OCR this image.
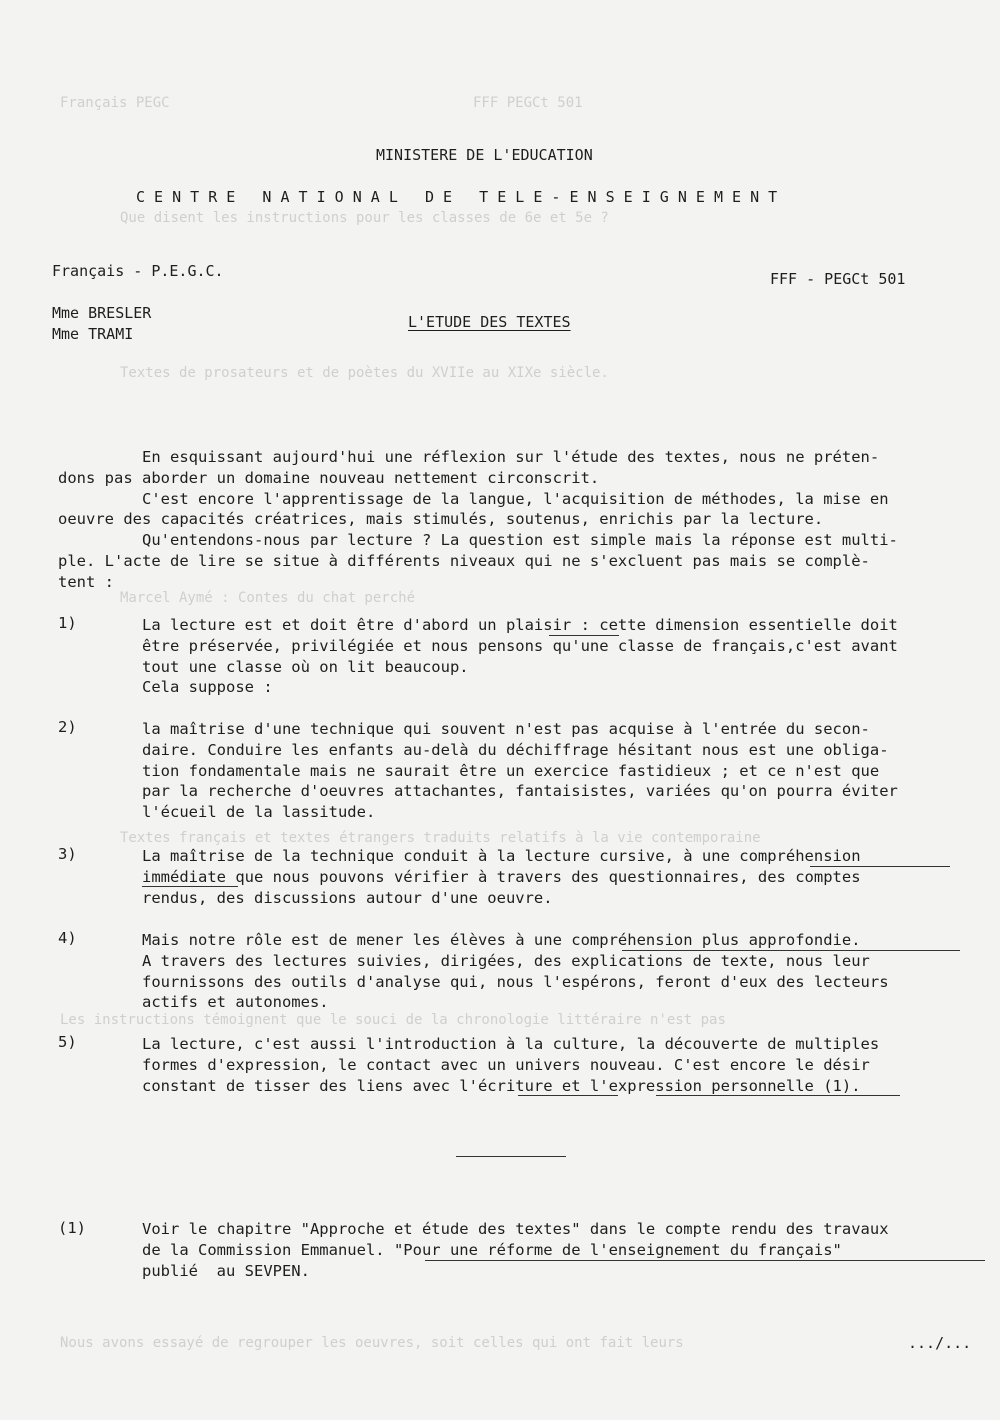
Français PEGC                                    FFF PEGCt 501
Que disent les instructions pour les classes de 6e et 5e ?
Textes de prosateurs et de poètes du XVIIe au XIXe siècle.
Marcel Aymé : Contes du chat perché
Textes français et textes étrangers traduits relatifs à la vie contemporaine
Les instructions témoignent que le souci de la chronologie littéraire n'est pas
Nous avons essayé de regrouper les oeuvres, soit celles qui ont fait leurs
MINISTERE DE L'EDUCATION
C E N T R E   N A T I O N A L   D E   T E L E - E N S E I G N E M E N T
Français - P.E.G.C.	FFF - PEGCt 501
Mme BRESLER
Mme TRAMI
L'ETUDE DES TEXTES
En esquissant aujourd'hui une réflexion sur l'étude des textes, nous ne préten-
dons pas aborder un domaine nouveau nettement circonscrit.
C'est encore l'apprentissage de la langue, l'acquisition de méthodes, la mise en
oeuvre des capacités créatrices, mais stimulés, soutenus, enrichis par la lecture.
Qu'entendons-nous par lecture ? La question est simple mais la réponse est multi-
ple. L'acte de lire se situe à différents niveaux qui ne s'excluent pas mais se complè-
tent :
1)	La lecture est et doit être d'abord un plaisir : cette dimension essentielle doit
être préservée, privilégiée et nous pensons qu'une classe de français,c'est avant
tout une classe où on lit beaucoup.
Cela suppose :
2)	la maîtrise d'une technique qui souvent n'est pas acquise à l'entrée du secon-
daire. Conduire les enfants au-delà du déchiffrage hésitant nous est une obliga-
tion fondamentale mais ne saurait être un exercice fastidieux ; et ce n'est que
par la recherche d'oeuvres attachantes, fantaisistes, variées qu'on pourra éviter
l'écueil de la lassitude.
3)	La maîtrise de la technique conduit à la lecture cursive, à une compréhension
immédiate que nous pouvons vérifier à travers des questionnaires, des comptes
rendus, des discussions autour d'une oeuvre.
4)	Mais notre rôle est de mener les élèves à une compréhension plus approfondie.
A travers des lectures suivies, dirigées, des explications de texte, nous leur
fournissons des outils d'analyse qui, nous l'espérons, feront d'eux des lecteurs
actifs et autonomes.
5)	La lecture, c'est aussi l'introduction à la culture, la découverte de multiples
formes d'expression, le contact avec un univers nouveau. C'est encore le désir
constant de tisser des liens avec l'écriture et l'expression personnelle (1).
(1)	Voir le chapitre "Approche et étude des textes" dans le compte rendu des travaux
de la Commission Emmanuel. "Pour une réforme de l'enseignement du français"
publié  au SEVPEN.
.../...
